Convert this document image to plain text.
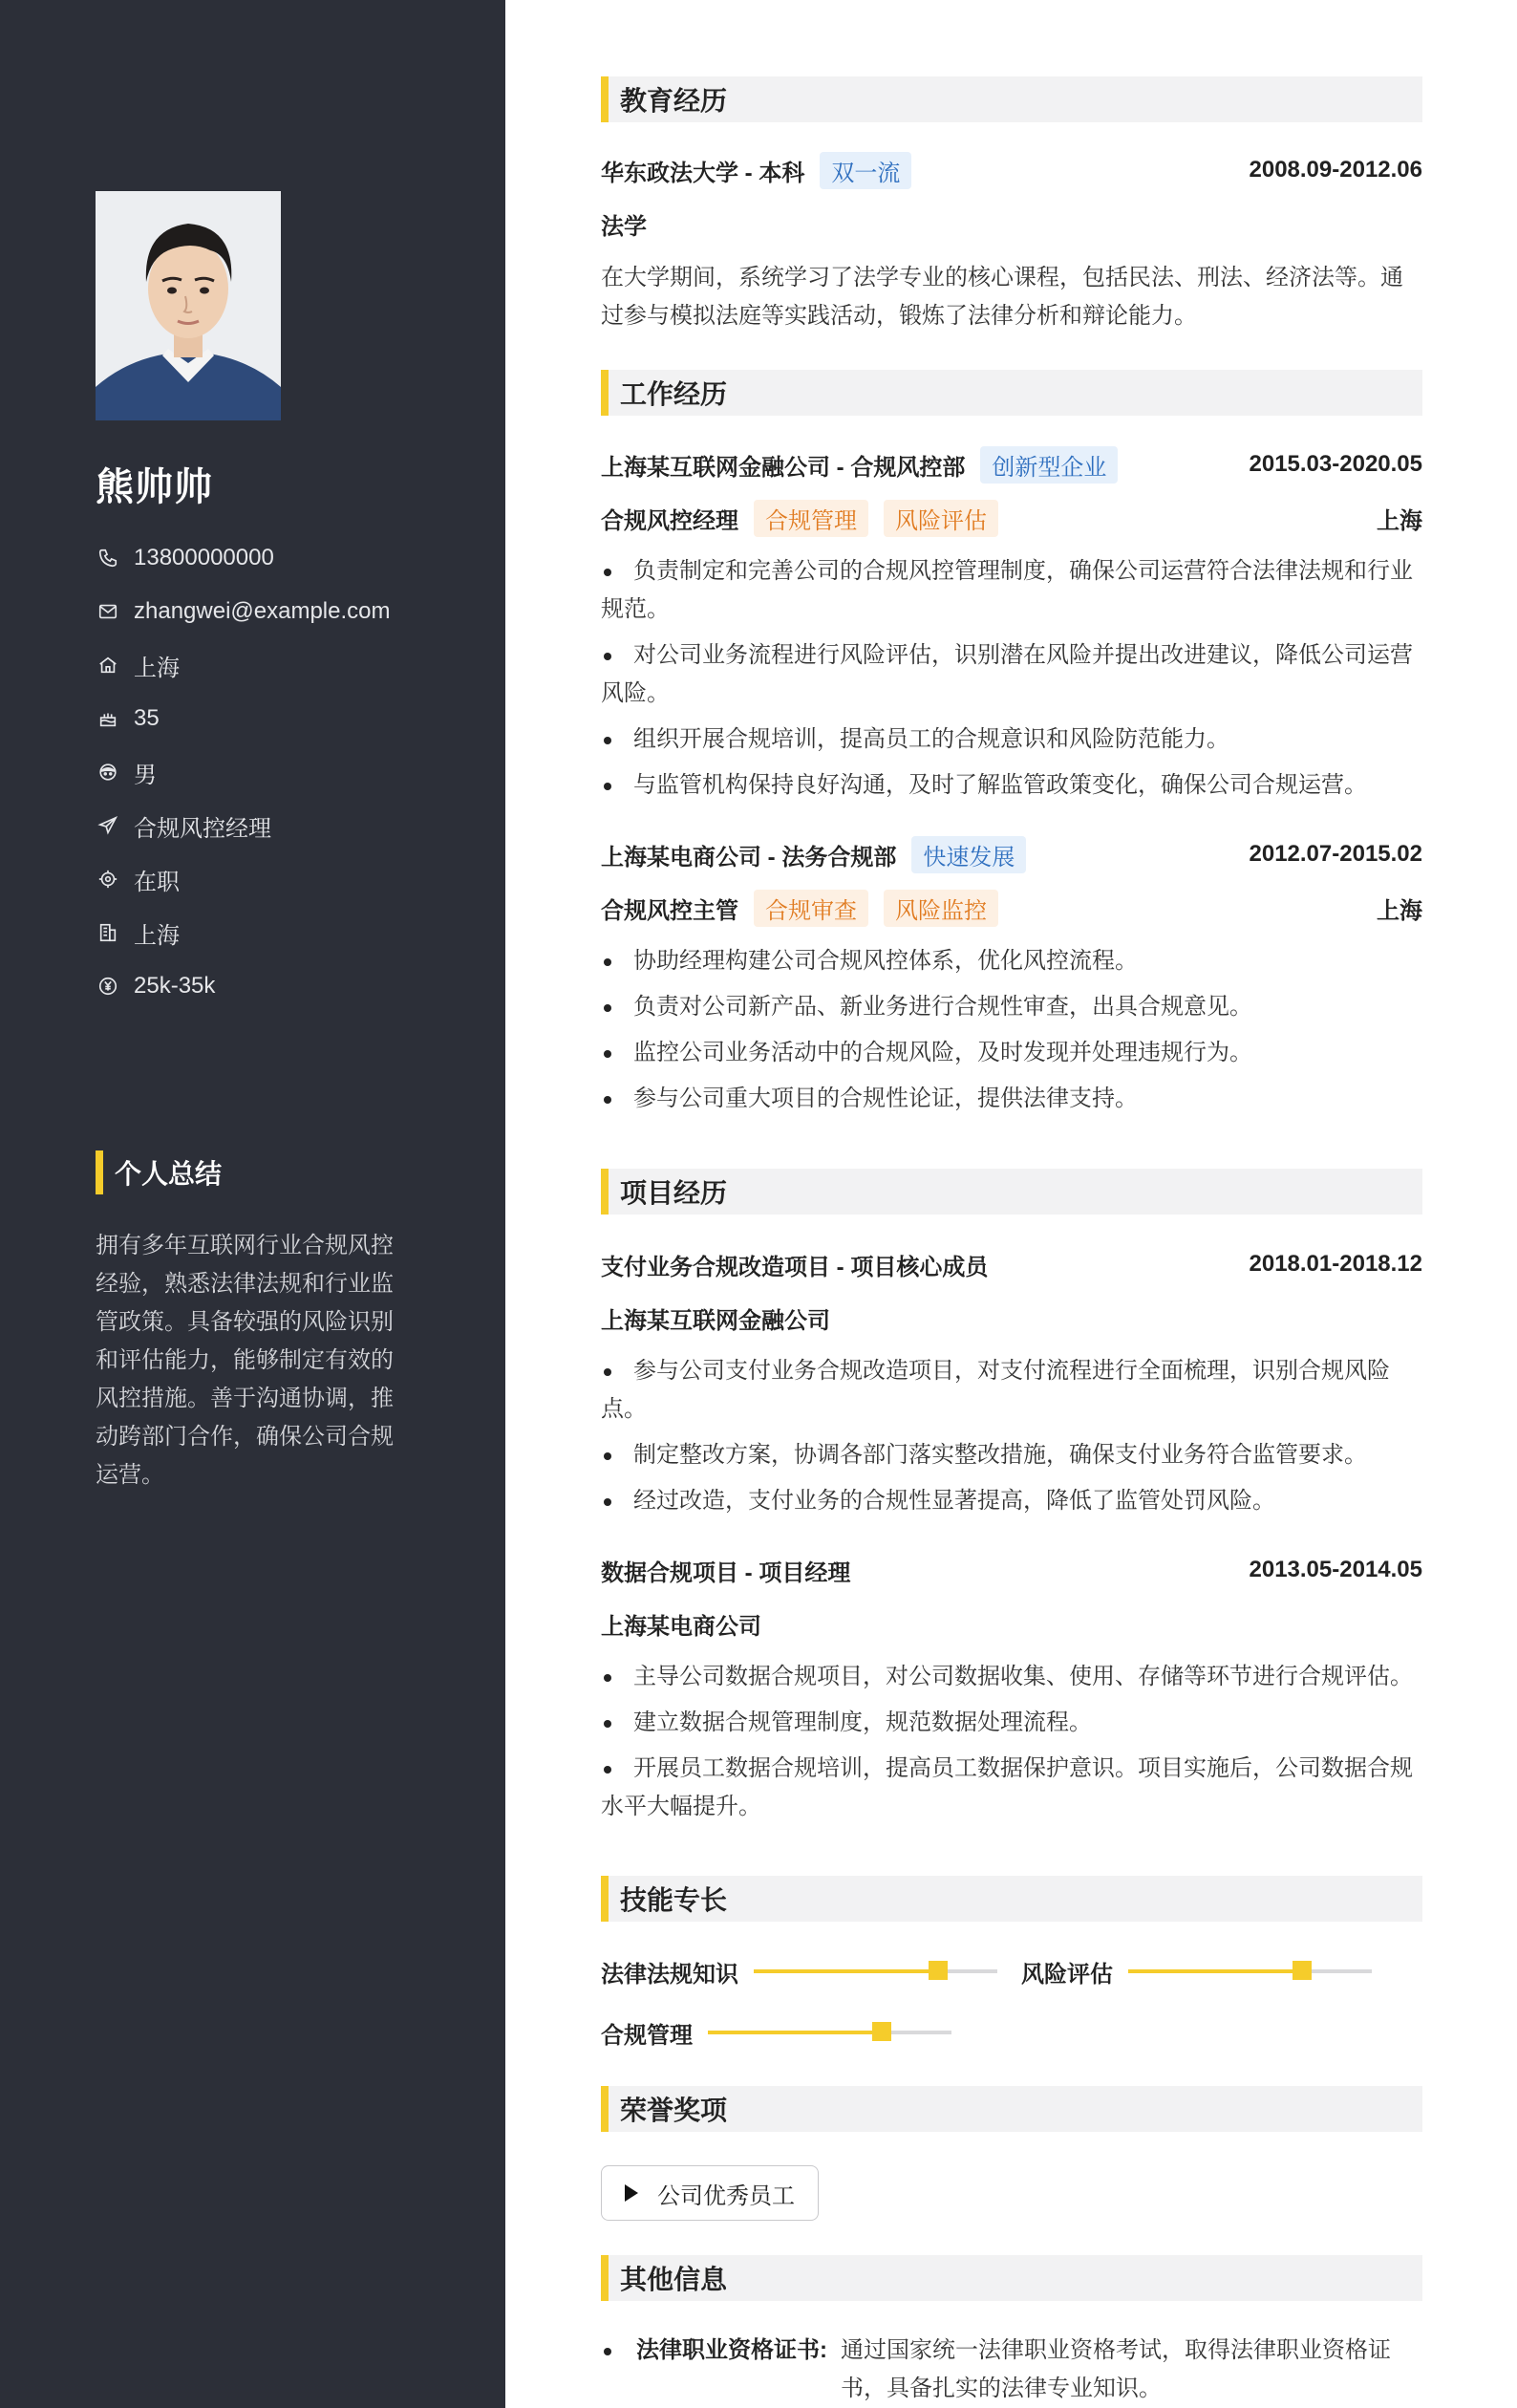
熊帅帅
13800000000
zhangwei@example.com
上海
35
男
合规风控经理
在职
上海
25k-35k
个人总结
拥有多年互联网行业合规风控经验，熟悉法律法规和行业监管政策。具备较强的风险识别和评估能力，能够制定有效的风控措施。善于沟通协调，推动跨部门合作，确保公司合规运营。
教育经历
华东政法大学 - 本科	双一流	2008.09-2012.06
法学
在大学期间，系统学习了法学专业的核心课程，包括民法、刑法、经济法等。通过参与模拟法庭等实践活动，锻炼了法律分析和辩论能力。
工作经历
上海某互联网金融公司 - 合规风控部	创新型企业	2015.03-2020.05
合规风控经理	合规管理	风险评估	上海
负责制定和完善公司的合规风控管理制度，确保公司运营符合法律法规和行业规范。
对公司业务流程进行风险评估，识别潜在风险并提出改进建议，降低公司运营风险。
组织开展合规培训，提高员工的合规意识和风险防范能力。
与监管机构保持良好沟通，及时了解监管政策变化，确保公司合规运营。
上海某电商公司 - 法务合规部	快速发展	2012.07-2015.02
合规风控主管	合规审查	风险监控	上海
协助经理构建公司合规风控体系，优化风控流程。
负责对公司新产品、新业务进行合规性审查，出具合规意见。
监控公司业务活动中的合规风险，及时发现并处理违规行为。
参与公司重大项目的合规性论证，提供法律支持。
项目经历
支付业务合规改造项目 - 项目核心成员	2018.01-2018.12
上海某互联网金融公司
参与公司支付业务合规改造项目，对支付流程进行全面梳理，识别合规风险点。
制定整改方案，协调各部门落实整改措施，确保支付业务符合监管要求。
经过改造，支付业务的合规性显著提高，降低了监管处罚风险。
数据合规项目 - 项目经理	2013.05-2014.05
上海某电商公司
主导公司数据合规项目，对公司数据收集、使用、存储等环节进行合规评估。
建立数据合规管理制度，规范数据处理流程。
开展员工数据合规培训，提高员工数据保护意识。项目实施后，公司数据合规水平大幅提升。
技能专长
法律法规知识	风险评估
合规管理
荣誉奖项
公司优秀员工
其他信息
法律职业资格证书: 通过国家统一法律职业资格考试，取得法律职业资格证书，具备扎实的法律专业知识。
